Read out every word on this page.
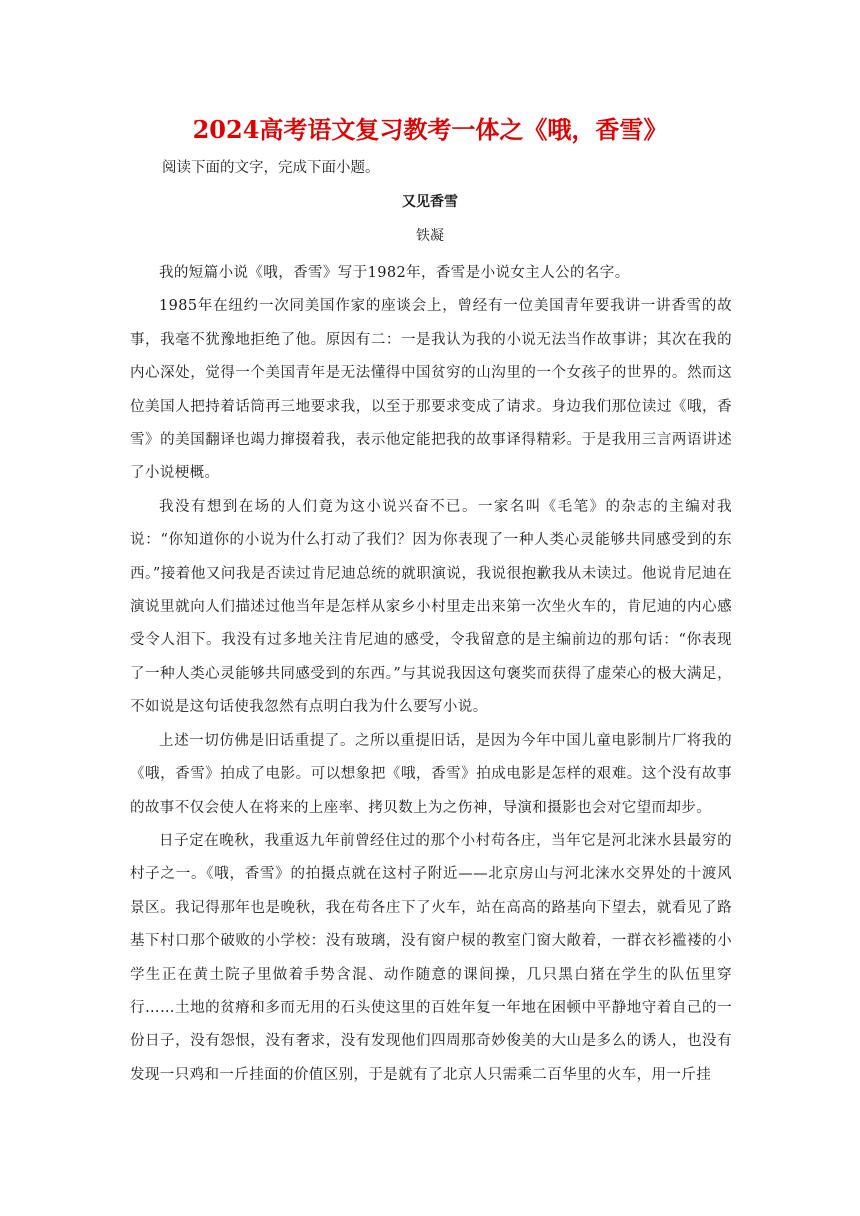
2024高考语文复习教考一体之《哦，香雪》
阅读下面的文字，完成下面小题。
又见香雪
铁凝

我的短篇小说《哦，香雪》写于1982年，香雪是小说女主人公的名字。

1985年在纽约一次同美国作家的座谈会上，曾经有一位美国青年要我讲一讲香雪的故事，我毫不犹豫地拒绝了他。原因有二：一是我认为我的小说无法当作故事讲；其次在我的内心深处，觉得一个美国青年是无法懂得中国贫穷的山沟里的一个女孩子的世界的。然而这位美国人把持着话筒再三地要求我，以至于那要求变成了请求。身边我们那位读过《哦，香雪》的美国翻译也竭力撺掇着我，表示他定能把我的故事译得精彩。于是我用三言两语讲述了小说梗概。

我没有想到在场的人们竟为这小说兴奋不已。一家名叫《毛笔》的杂志的主编对我说：“你知道你的小说为什么打动了我们？因为你表现了一种人类心灵能够共同感受到的东西。”接着他又问我是否读过肯尼迪总统的就职演说，我说很抱歉我从未读过。他说肯尼迪在演说里就向人们描述过他当年是怎样从家乡小村里走出来第一次坐火车的，肯尼迪的内心感受令人泪下。我没有过多地关注肯尼迪的感受，令我留意的是主编前边的那句话：“你表现了一种人类心灵能够共同感受到的东西。”与其说我因这句褒奖而获得了虚荣心的极大满足，不如说是这句话使我忽然有点明白我为什么要写小说。

上述一切仿佛是旧话重提了。之所以重提旧话，是因为今年中国儿童电影制片厂将我的《哦，香雪》拍成了电影。可以想象把《哦，香雪》拍成电影是怎样的艰难。这个没有故事的故事不仅会使人在将来的上座率、拷贝数上为之伤神，导演和摄影也会对它望而却步。

日子定在晚秋，我重返九年前曾经住过的那个小村苟各庄，当年它是河北涞水县最穷的村子之一。《哦，香雪》的拍摄点就在这村子附近——北京房山与河北涞水交界处的十渡风景区。我记得那年也是晚秋，我在苟各庄下了火车，站在高高的路基向下望去，就看见了路基下村口那个破败的小学校：没有玻璃，没有窗户棂的教室门窗大敞着，一群衣衫褴褛的小学生正在黄土院子里做着手势含混、动作随意的课间操，几只黑白猪在学生的队伍里穿行……土地的贫瘠和多而无用的石头使这里的百姓年复一年地在困顿中平静地守着自己的一份日子，没有怨恨，没有奢求，没有发现他们四周那奇妙俊美的大山是多么的诱人，也没有发现一只鸡和一斤挂面的价值区别，于是就有了北京人只需乘二百华里的火车，用一斤挂
